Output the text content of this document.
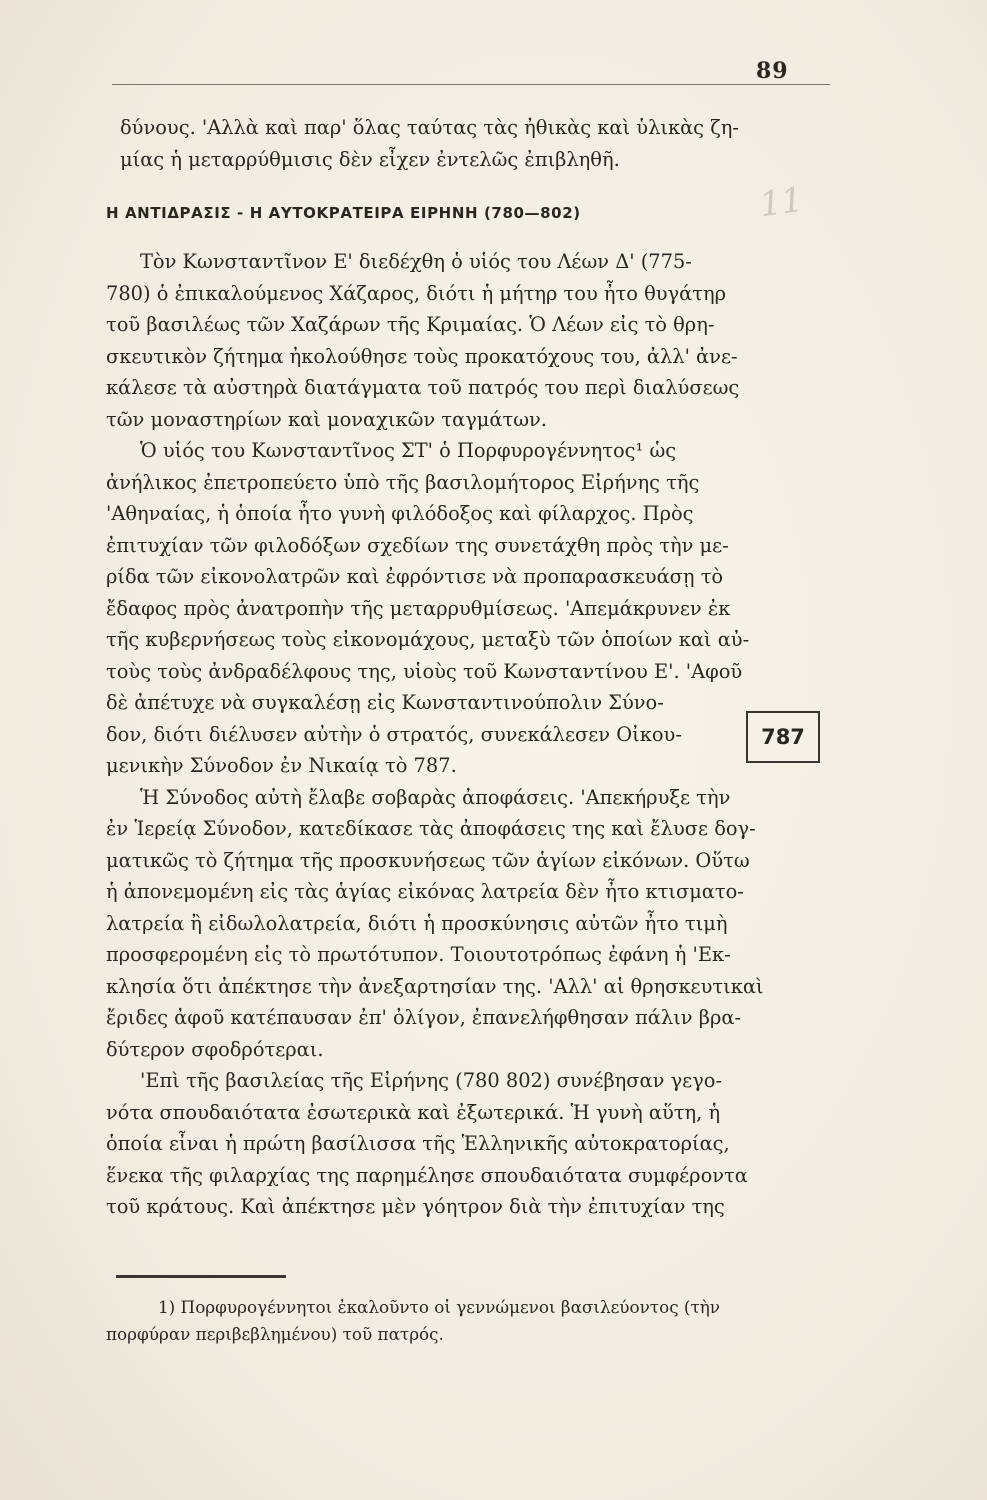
11
89
δύνους. 'Αλλὰ καὶ παρ' ὅλας ταύτας τὰς ἠθικὰς καὶ ὑλικὰς ζη-
μίας ἡ μεταρρύθμισις δὲν εἶχεν ἐντελῶς ἐπιβληθῆ.
Η ΑΝΤΙΔΡΑΣΙΣ - Η ΑΥΤΟΚΡΑΤΕΙΡΑ ΕΙΡΗΝΗ (780—802)
Τὸν Κωνσταντῖνον Ε' διεδέχθη ὁ υἱός του Λέων Δ' (775-
780) ὁ ἐπικαλούμενος Χάζαρος, διότι ἡ μήτηρ του ἦτο θυγάτηρ
τοῦ βασιλέως τῶν Χαζάρων τῆς Κριμαίας. Ὁ Λέων εἰς τὸ θρη-
σκευτικὸν ζήτημα ἠκολούθησε τοὺς προκατόχους του, ἀλλ' ἀνε-
κάλεσε τὰ αὐστηρὰ διατάγματα τοῦ πατρός του περὶ διαλύσεως
τῶν μοναστηρίων καὶ μοναχικῶν ταγμάτων.
Ὁ υἱός του Κωνσταντῖνος ΣΤ' ὁ Πορφυρογέννητος¹ ὡς
ἀνήλικος ἐπετροπεύετο ὑπὸ τῆς βασιλομήτορος Εἰρήνης τῆς
'Αθηναίας, ἡ ὁποία ἦτο γυνὴ φιλόδοξος καὶ φίλαρχος. Πρὸς
ἐπιτυχίαν τῶν φιλοδόξων σχεδίων της συνετάχθη πρὸς τὴν με-
ρίδα τῶν εἰκονολατρῶν καὶ ἐφρόντισε νὰ προπαρασκευάσῃ τὸ
ἔδαφος πρὸς ἀνατροπὴν τῆς μεταρρυθμίσεως. 'Απεμάκρυνεν ἐκ
τῆς κυβερνήσεως τοὺς εἰκονομάχους, μεταξὺ τῶν ὁποίων καὶ αὐ-
τοὺς τοὺς ἀνδραδέλφους της, υἱοὺς τοῦ Κωνσταντίνου Ε'. 'Αφοῦ
δὲ ἀπέτυχε νὰ συγκαλέσῃ εἰς Κωνσταντινούπολιν Σύνο-
δον, διότι διέλυσεν αὐτὴν ὁ στρατός, συνεκάλεσεν Οἰκου-
μενικὴν Σύνοδον ἐν Νικαίᾳ τὸ 787.
Ἡ Σύνοδος αὐτὴ ἔλαβε σοβαρὰς ἀποφάσεις. 'Απεκήρυξε τὴν
ἐν Ἱερείᾳ Σύνοδον, κατεδίκασε τὰς ἀποφάσεις της καὶ ἔλυσε δογ-
ματικῶς τὸ ζήτημα τῆς προσκυνήσεως τῶν ἁγίων εἰκόνων. Οὕτω
ἡ ἀπονεμομένη εἰς τὰς ἁγίας εἰκόνας λατρεία δὲν ἦτο κτισματο-
λατρεία ἢ εἰδωλολατρεία, διότι ἡ προσκύνησις αὐτῶν ἦτο τιμὴ
προσφερομένη εἰς τὸ πρωτότυπον. Τοιουτοτρόπως ἐφάνη ἡ 'Εκ-
κλησία ὅτι ἀπέκτησε τὴν ἀνεξαρτησίαν της. 'Αλλ' αἱ θρησκευτικαὶ
ἔριδες ἀφοῦ κατέπαυσαν ἐπ' ὀλίγον, ἐπανελήφθησαν πάλιν βρα-
δύτερον σφοδρότεραι.
'Επὶ τῆς βασιλείας τῆς Εἰρήνης (780 802) συνέβησαν γεγο-
νότα σπουδαιότατα ἐσωτερικὰ καὶ ἐξωτερικά. Ἡ γυνὴ αὕτη, ἡ
ὁποία εἶναι ἡ πρώτη βασίλισσα τῆς Ἑλληνικῆς αὐτοκρατορίας,
ἕνεκα τῆς φιλαρχίας της παρημέλησε σπουδαιότατα συμφέροντα
τοῦ κράτους. Καὶ ἀπέκτησε μὲν γόητρον διὰ τὴν ἐπιτυχίαν της
787
1) Πορφυρογέννητοι ἐκαλοῦντο οἱ γεννώμενοι βασιλεύοντος (τὴν
πορφύραν περιβεβλημένου) τοῦ πατρός.
